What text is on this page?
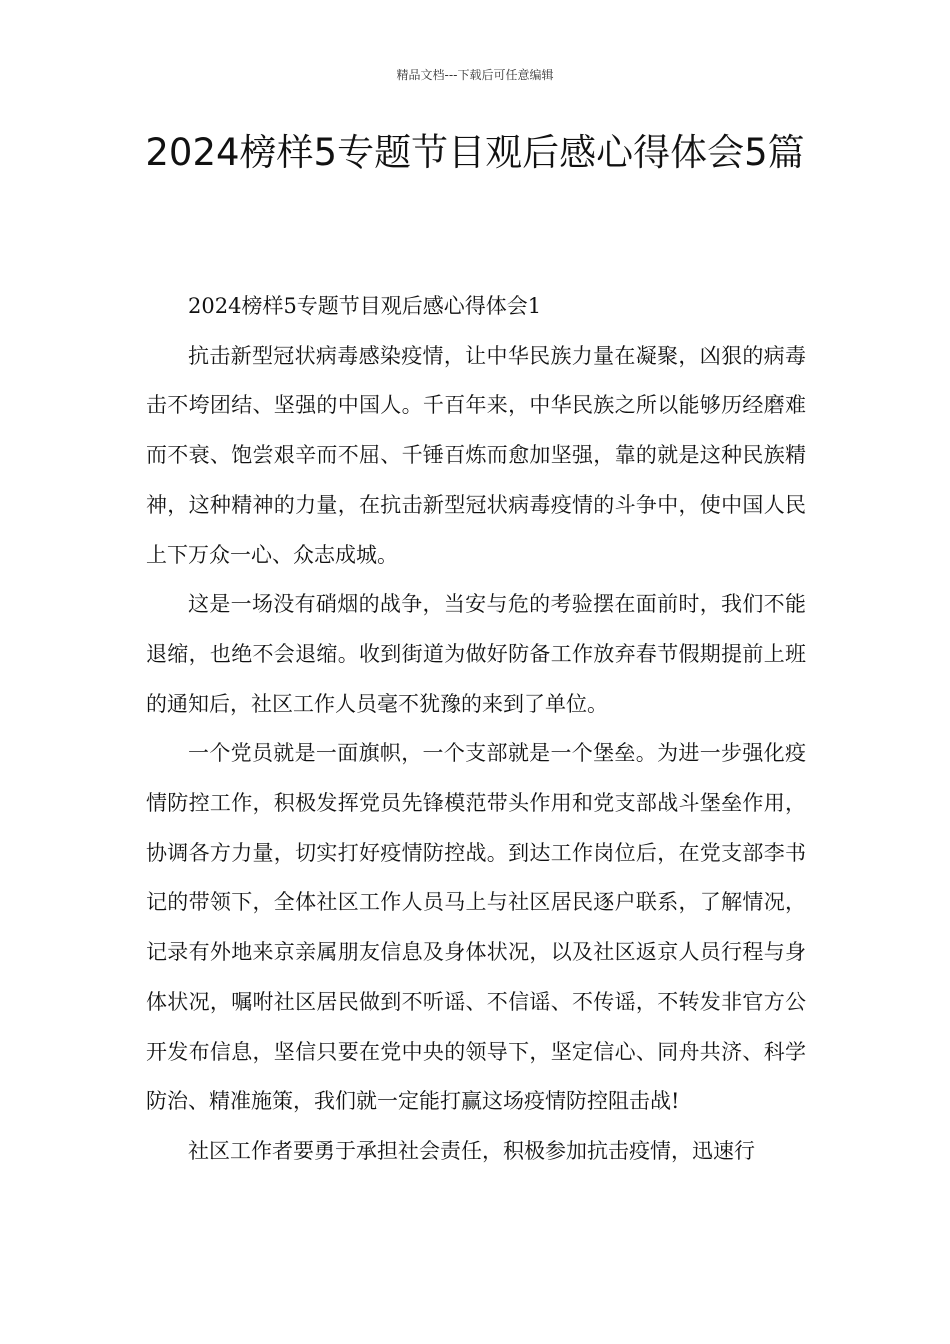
精品文档---下载后可任意编辑
2024榜样5专题节目观后感心得体会5篇

2024榜样5专题节目观后感心得体会1

抗击新型冠状病毒感染疫情，让中华民族力量在凝聚，凶狠的病毒击不垮团结、坚强的中国人。千百年来，中华民族之所以能够历经磨难而不衰、饱尝艰辛而不屈、千锤百炼而愈加坚强，靠的就是这种民族精神，这种精神的力量，在抗击新型冠状病毒疫情的斗争中，使中国人民上下万众一心、众志成城。

这是一场没有硝烟的战争，当安与危的考验摆在面前时，我们不能退缩，也绝不会退缩。收到街道为做好防备工作放弃春节假期提前上班的通知后，社区工作人员毫不犹豫的来到了单位。

一个党员就是一面旗帜，一个支部就是一个堡垒。为进一步强化疫情防控工作，积极发挥党员先锋模范带头作用和党支部战斗堡垒作用，协调各方力量，切实打好疫情防控战。到达工作岗位后，在党支部李书记的带领下，全体社区工作人员马上与社区居民逐户联系，了解情况，记录有外地来京亲属朋友信息及身体状况，以及社区返京人员行程与身体状况，嘱咐社区居民做到不听谣、不信谣、不传谣，不转发非官方公开发布信息，坚信只要在党中央的领导下，坚定信心、同舟共济、科学防治、精准施策，我们就一定能打赢这场疫情防控阻击战!

社区工作者要勇于承担社会责任，积极参加抗击疫情，迅速行
